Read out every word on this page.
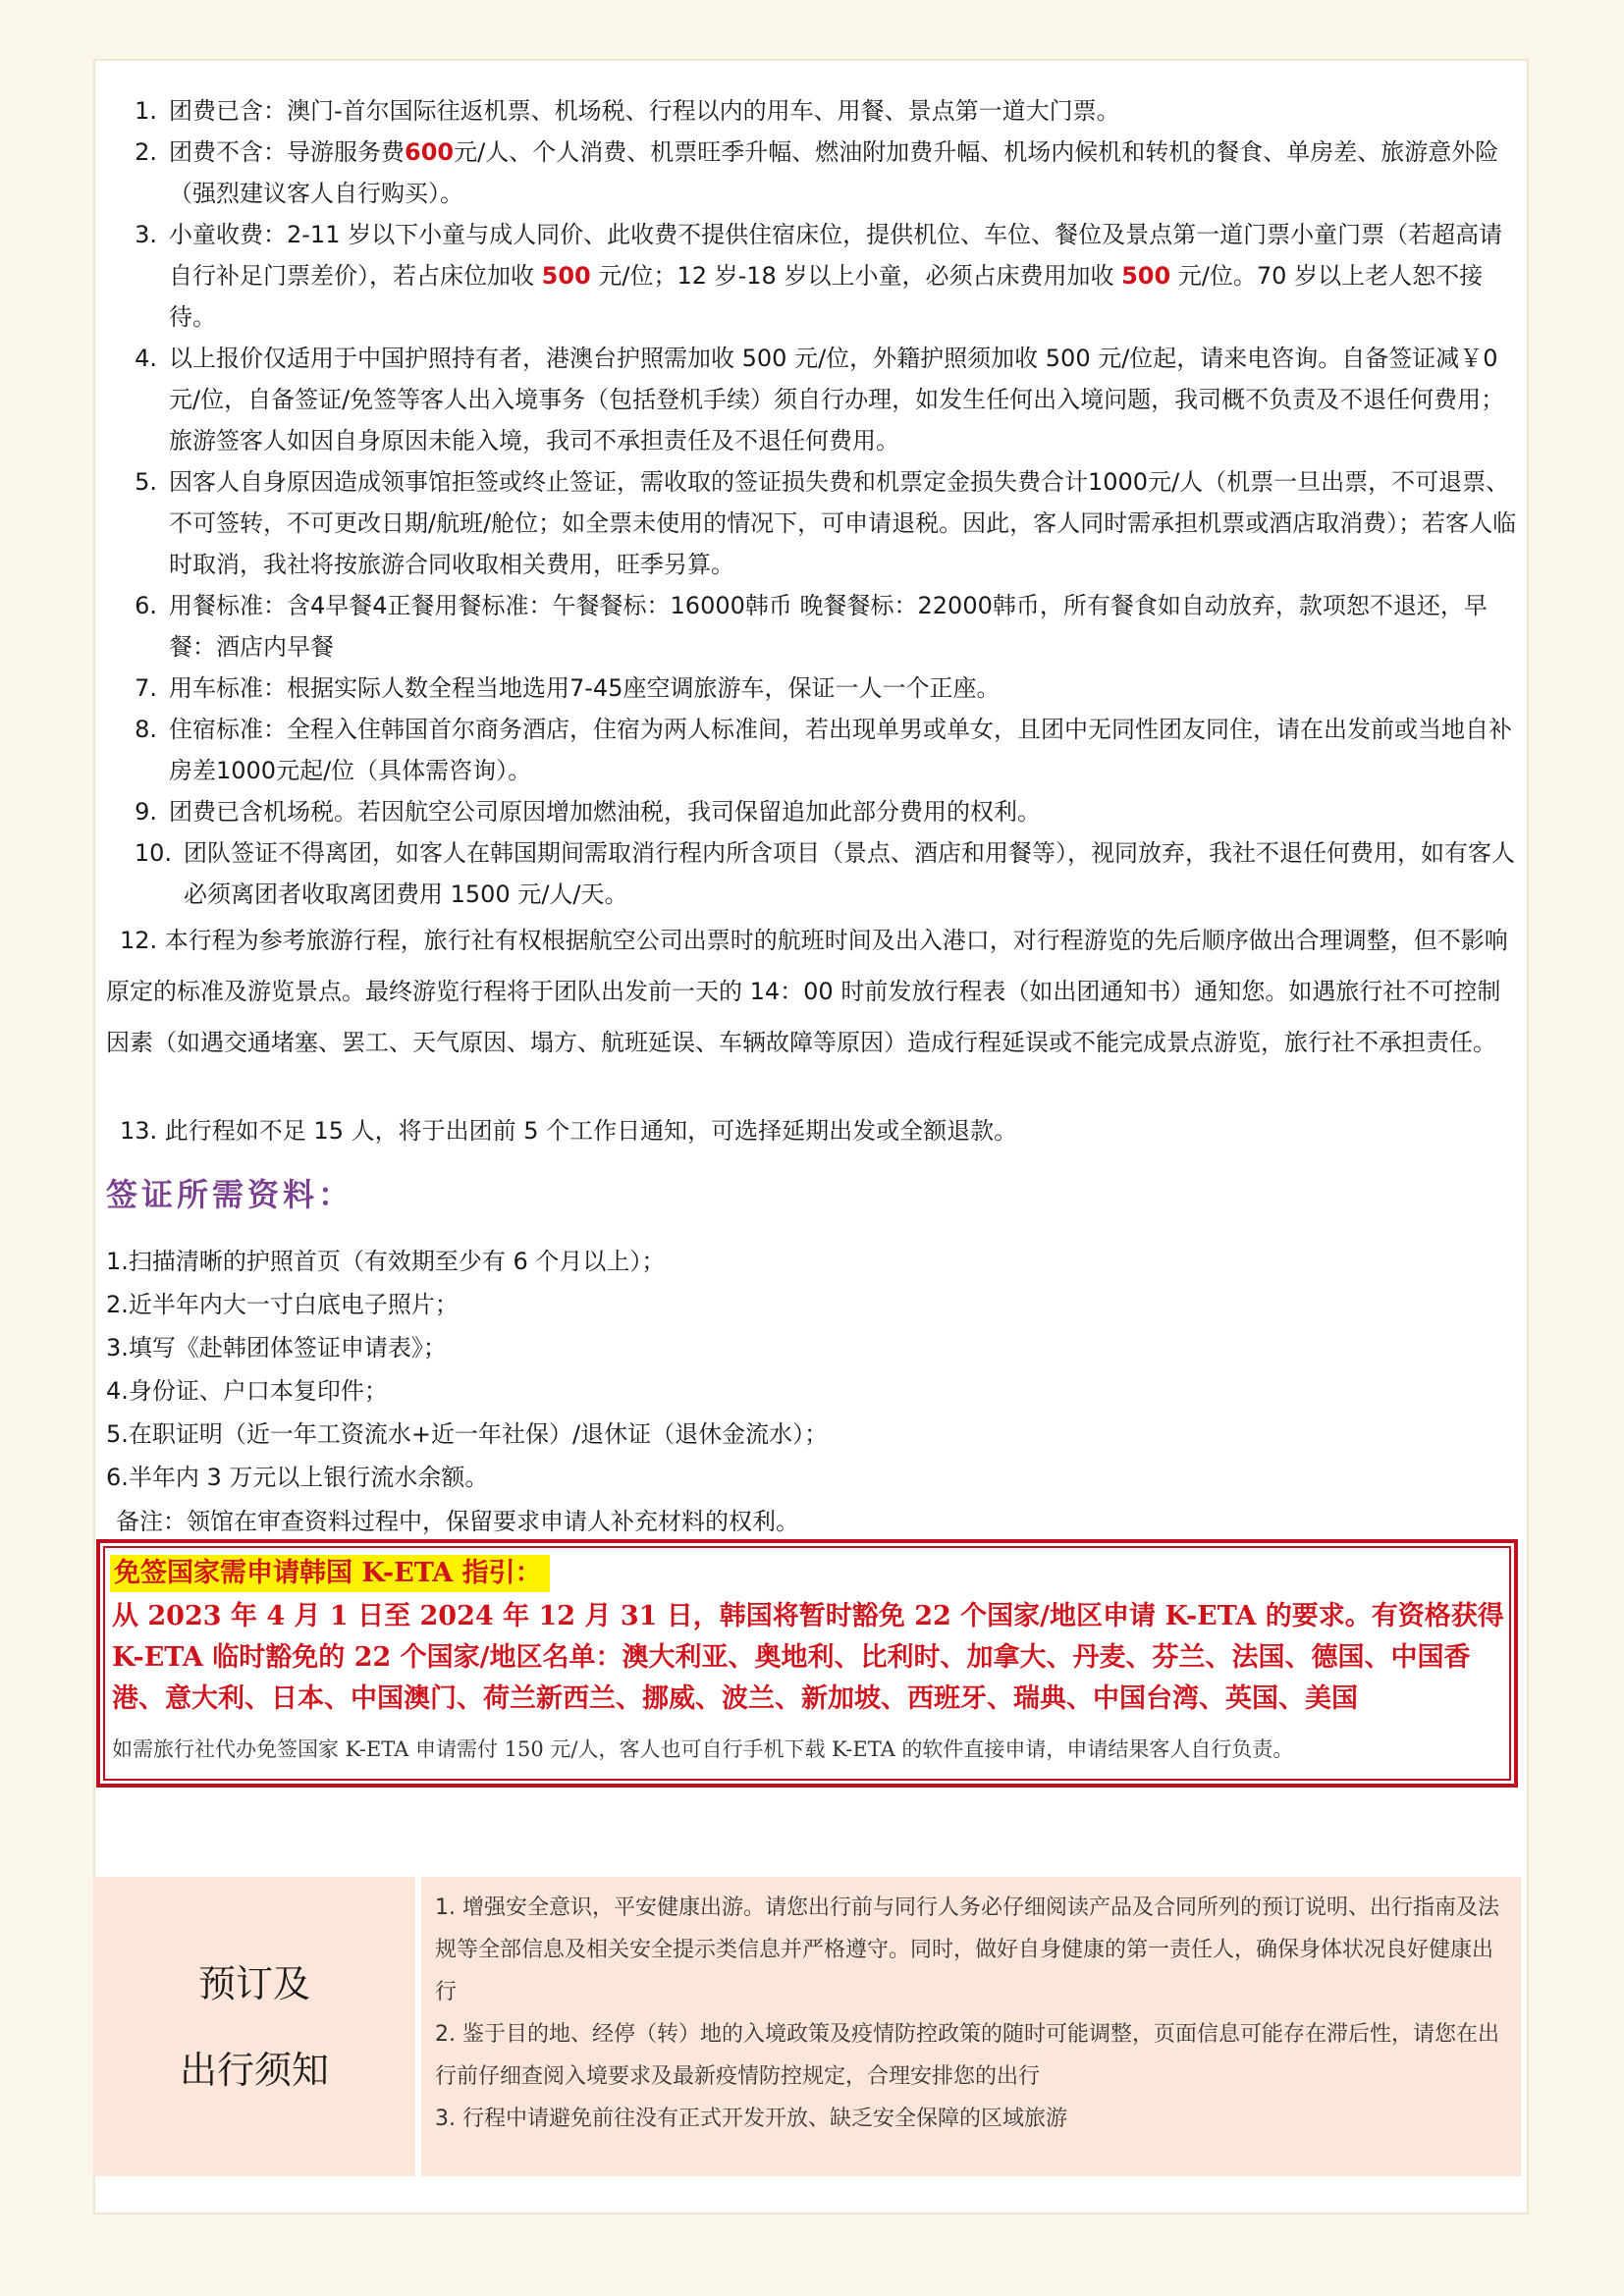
1. 团费已含：澳门-首尔国际往返机票、机场税、行程以内的用车、用餐、景点第一道大门票。
2. 团费不含：导游服务费600元/人、个人消费、机票旺季升幅、燃油附加费升幅、机场内候机和转机的餐食、单房差、旅游意外险（强烈建议客人自行购买）。
3. 小童收费：2-11 岁以下小童与成人同价、此收费不提供住宿床位，提供机位、车位、餐位及景点第一道门票小童门票（若超高请自行补足门票差价），若占床位加收 500 元/位；12 岁-18 岁以上小童，必须占床费用加收 500 元/位。70 岁以上老人恕不接待。
4. 以上报价仅适用于中国护照持有者，港澳台护照需加收 500 元/位，外籍护照须加收 500 元/位起，请来电咨询。自备签证减￥0 元/位，自备签证/免签等客人出入境事务（包括登机手续）须自行办理，如发生任何出入境问题，我司概不负责及不退任何费用；旅游签客人如因自身原因未能入境，我司不承担责任及不退任何费用。
5. 因客人自身原因造成领事馆拒签或终止签证，需收取的签证损失费和机票定金损失费合计1000元/人（机票一旦出票，不可退票、不可签转，不可更改日期/航班/舱位；如全票未使用的情况下，可申请退税。因此，客人同时需承担机票或酒店取消费）；若客人临时取消，我社将按旅游合同收取相关费用，旺季另算。
6. 用餐标准：含4早餐4正餐用餐标准：午餐餐标：16000韩币 晚餐餐标：22000韩币，所有餐食如自动放弃，款项恕不退还，早餐：酒店内早餐
7. 用车标准：根据实际人数全程当地选用7-45座空调旅游车，保证一人一个正座。
8. 住宿标准：全程入住韩国首尔商务酒店，住宿为两人标准间，若出现单男或单女，且团中无同性团友同住，请在出发前或当地自补房差1000元起/位（具体需咨询）。
9. 团费已含机场税。若因航空公司原因增加燃油税，我司保留追加此部分费用的权利。
10. 团队签证不得离团，如客人在韩国期间需取消行程内所含项目（景点、酒店和用餐等），视同放弃，我社不退任何费用，如有客人必须离团者收取离团费用 1500 元/人/天。
12. 本行程为参考旅游行程，旅行社有权根据航空公司出票时的航班时间及出入港口，对行程游览的先后顺序做出合理调整，但不影响原定的标准及游览景点。最终游览行程将于团队出发前一天的 14：00 时前发放行程表（如出团通知书）通知您。如遇旅行社不可控制因素（如遇交通堵塞、罢工、天气原因、塌方、航班延误、车辆故障等原因）造成行程延误或不能完成景点游览，旅行社不承担责任。
13. 此行程如不足 15 人，将于出团前 5 个工作日通知，可选择延期出发或全额退款。
签证所需资料：
1.扫描清晰的护照首页（有效期至少有 6 个月以上）；
2.近半年内大一寸白底电子照片；
3.填写《赴韩团体签证申请表》；
4.身份证、户口本复印件；
5.在职证明（近一年工资流水+近一年社保）/退休证（退休金流水）；
6.半年内 3 万元以上银行流水余额。
备注：领馆在审查资料过程中，保留要求申请人补充材料的权利。
免签国家需申请韩国 K-ETA 指引：
从 2023 年 4 月 1 日至 2024 年 12 月 31 日，韩国将暂时豁免 22 个国家/地区申请 K-ETA 的要求。有资格获得 K-ETA 临时豁免的 22 个国家/地区名单：澳大利亚、奥地利、比利时、加拿大、丹麦、芬兰、法国、德国、中国香港、意大利、日本、中国澳门、荷兰新西兰、挪威、波兰、新加坡、西班牙、瑞典、中国台湾、英国、美国
如需旅行社代办免签国家 K-ETA 申请需付 150 元/人，客人也可自行手机下载 K-ETA 的软件直接申请，申请结果客人自行负责。
预订及
出行须知

1. 增强安全意识，平安健康出游。请您出行前与同行人务必仔细阅读产品及合同所列的预订说明、出行指南及法规等全部信息及相关安全提示类信息并严格遵守。同时，做好自身健康的第一责任人，确保身体状况良好健康出行

2. 鉴于目的地、经停（转）地的入境政策及疫情防控政策的随时可能调整，页面信息可能存在滞后性，请您在出行前仔细查阅入境要求及最新疫情防控规定，合理安排您的出行

3. 行程中请避免前往没有正式开发开放、缺乏安全保障的区域旅游
